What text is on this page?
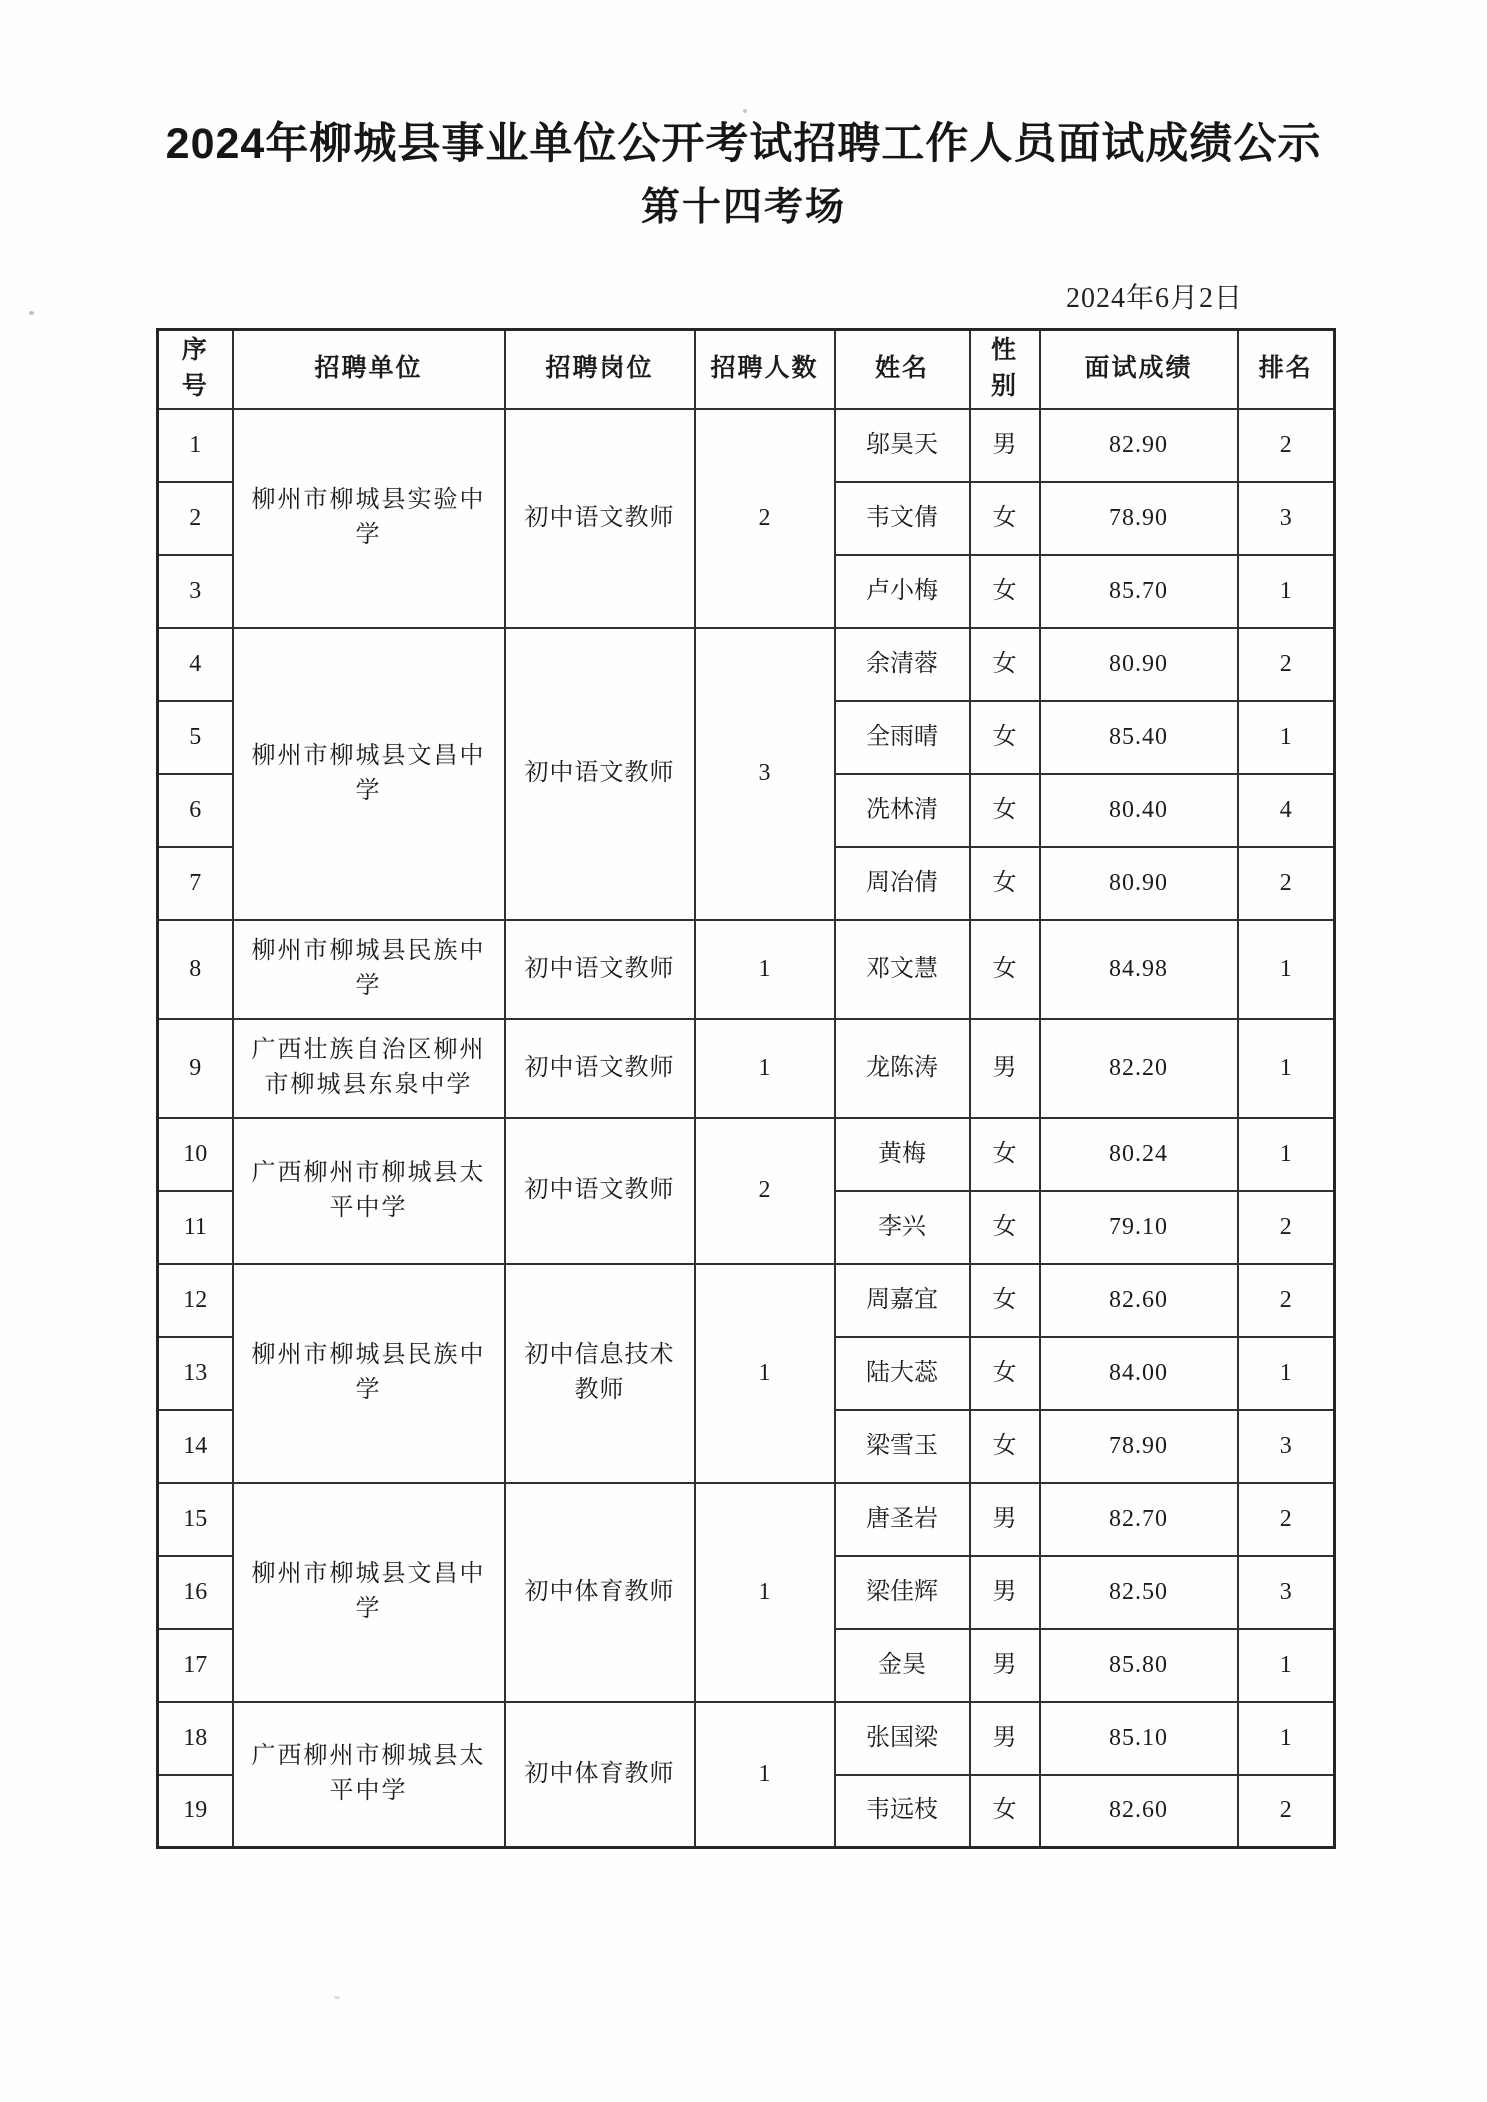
2024年柳城县事业单位公开考试招聘工作人员面试成绩公示
第十四考场
2024年6月2日
序号	招聘单位	招聘岗位	招聘人数	姓名	性别	面试成绩	排名
1	柳州市柳城县实验中学	初中语文教师	2	邬昊天	男	82.90	2
2				韦文倩	女	78.90	3
3				卢小梅	女	85.70	1
4	柳州市柳城县文昌中学	初中语文教师	3	余清蓉	女	80.90	2
5				全雨晴	女	85.40	1
6				冼林清	女	80.40	4
7				周冶倩	女	80.90	2
8	柳州市柳城县民族中学	初中语文教师	1	邓文慧	女	84.98	1
9	广西壮族自治区柳州市柳城县东泉中学	初中语文教师	1	龙陈涛	男	82.20	1
10	广西柳州市柳城县太平中学	初中语文教师	2	黄梅	女	80.24	1
11				李兴	女	79.10	2
12	柳州市柳城县民族中学	初中信息技术教师	1	周嘉宜	女	82.60	2
13				陆大蕊	女	84.00	1
14				梁雪玉	女	78.90	3
15	柳州市柳城县文昌中学	初中体育教师	1	唐圣岩	男	82.70	2
16				梁佳辉	男	82.50	3
17				金昊	男	85.80	1
18	广西柳州市柳城县太平中学	初中体育教师	1	张国梁	男	85.10	1
19				韦远枝	女	82.60	2
